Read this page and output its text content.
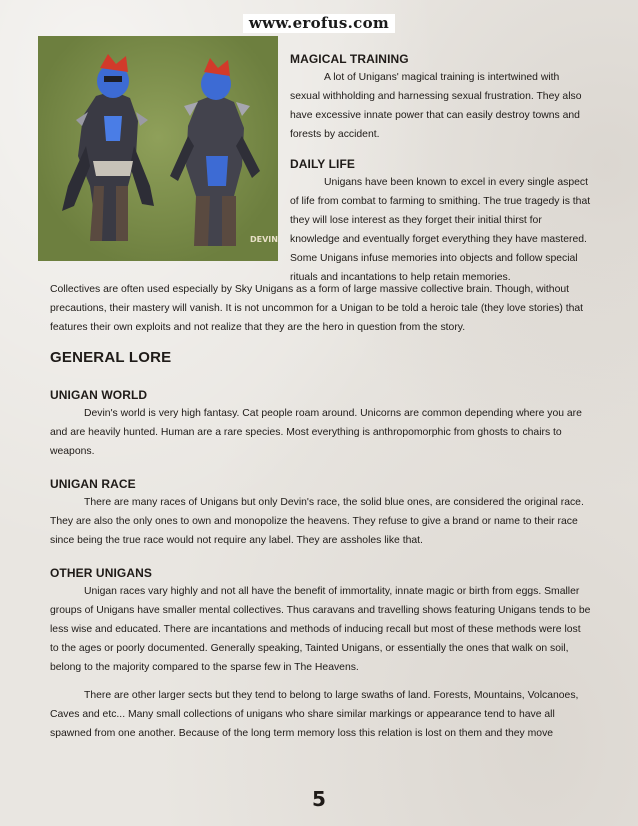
www.erofus.com
DEVIN
MAGICAL TRAINING

A lot of Unigans' magical training is intertwined with sexual withholding and harnessing sexual frustration. They also have excessive innate power that can easily destroy towns and forests by accident.

DAILY LIFE

Unigans have been known to excel in every single aspect of life from combat to farming to smithing. The true tragedy is that they will lose interest as they forget their initial thirst for knowledge and eventually forget everything they have mastered. Some Unigans infuse memories into objects and follow special rituals and incantations to help retain memories.

Collectives are often used especially by Sky Unigans as a form of large massive collective brain. Though, without precautions, their mastery will vanish. It is not uncommon for a Unigan to be told a heroic tale (they love stories) that features their own exploits and not realize that they are the hero in question from the story.

GENERAL LORE
UNIGAN WORLD

Devin's world is very high fantasy. Cat people roam around. Unicorns are common depending where you are and are heavily hunted. Human are a rare species. Most everything is anthropomorphic from ghosts to chairs to weapons.

UNIGAN RACE

There are many races of Unigans but only Devin's race, the solid blue ones, are considered the original race. They are also the only ones to own and monopolize the heavens. They refuse to give a brand or name to their race since being the true race would not require any label. They are assholes like that.

OTHER UNIGANS

Unigan races vary highly and not all have the benefit of immortality, innate magic or birth from eggs. Smaller groups of Unigans have smaller mental collectives. Thus caravans and travelling shows featuring Unigans tends to be less wise and educated. There are incantations and methods of inducing recall but most of these methods were lost to the ages or poorly documented. Generally speaking, Tainted Unigans, or essentially the ones that walk on soil, belong to the majority compared to the sparse few in The Heavens.

There are other larger sects but they tend to belong to large swaths of land. Forests, Mountains, Volcanoes, Caves and etc... Many small collections of unigans who share similar markings or appearance tend to have all spawned from one another. Because of the long term memory loss this relation is lost on them and they move

5
